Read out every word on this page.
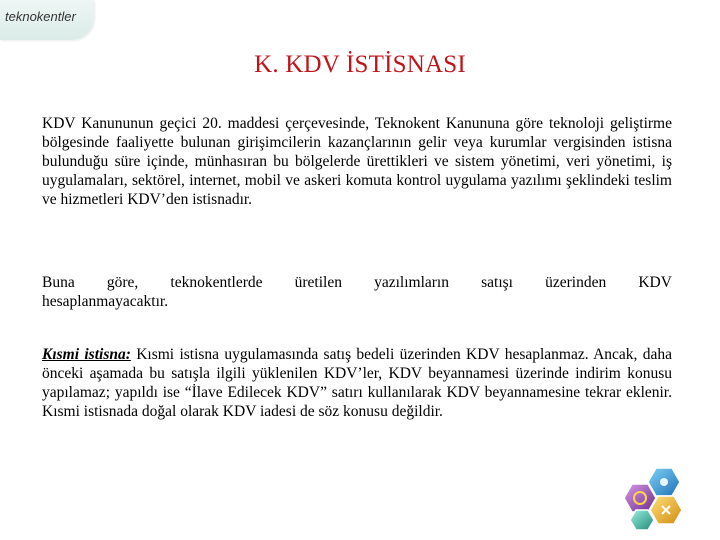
teknokentler
K. KDV İSTİSNASI
KDV Kanununun geçici 20. maddesi çerçevesinde, Teknokent Kanununa göre teknoloji geliştirme bölgesinde faaliyette bulunan girişimcilerin kazançlarının gelir veya kurumlar vergisinden istisna bulunduğu süre içinde, münhasıran bu bölgelerde ürettikleri ve sistem yönetimi, veri yönetimi, iş uygulamaları, sektörel, internet, mobil ve askeri komuta kontrol uygulama yazılımı şeklindeki teslim ve hizmetleri KDV’den istisnadır.
Buna göre, teknokentlerde üretilen yazılımların satışı üzerinden KDV
hesaplanmayacaktır.
Kısmi istisna: Kısmi istisna uygulamasında satış bedeli üzerinden KDV hesaplanmaz. Ancak, daha önceki aşamada bu satışla ilgili yüklenilen KDV’ler, KDV beyannamesi üzerinde indirim konusu yapılamaz; yapıldı ise “İlave Edilecek KDV” satırı kullanılarak KDV beyannamesine tekrar eklenir. Kısmi istisnada doğal olarak KDV iadesi de söz konusu değildir.
